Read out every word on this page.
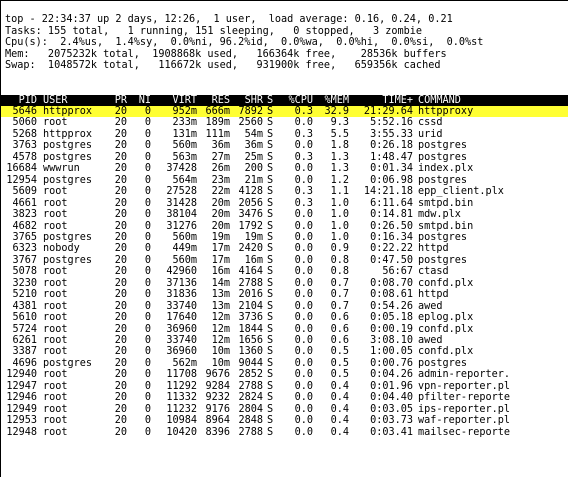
top - 22:34:37 up 2 days, 12:26,  1 user,  load average: 0.16, 0.24, 0.21
Tasks: 155 total,   1 running, 151 sleeping,   0 stopped,   3 zombie
Cpu(s):  2.4%us,  1.4%sy,  0.0%ni, 96.2%id,  0.0%wa,  0.0%hi,  0.0%si,  0.0%st
Mem:   2075232k total,  1908868k used,   166364k free,    28536k buffers
Swap:  1048572k total,   116672k used,   931900k free,   659356k cached
PID USER	PR	NI	VIRT	RES	SHR S	%CPU	%MEM	TIME+ COMMAND
5646 httpprox	20	0	952m 666m 7892 S	0.3	32.9	21:29.64 httpproxy
5060 root	20	0	233m 189m 2560 S	0.0	9.3	5:52.16 cssd
5268 httpprox	20	0	131m 111m	54m S	0.3	5.5	3:55.33 urid
3763 postgres	20	0	560m	36m	36m S	0.0	1.8	0:26.18 postgres
4578 postgres	20	0	563m	27m	25m S	0.3	1.3	1:48.47 postgres
16684 wwwrun	20	0	37428	26m	200 S	0.0	1.3	0:01.34 index.plx
12954 postgres	20	0	564m	23m	21m S	0.0	1.2	0:06.98 postgres
5609 root	20	0	27528	22m 4128 S	0.3	1.1	14:21.18 epp_client.plx
4661 root	20	0	31428	20m 2056 S	0.3	1.0	6:11.64 smtpd.bin
3823 root	20	0	38104	20m 3476 S	0.0	1.0	0:14.81 mdw.plx
4682 root	20	0	31276	20m 1792 S	0.0	1.0	0:26.50 smtpd.bin
3765 postgres	20	0	560m	19m	19m S	0.0	1.0	0:16.34 postgres
6323 nobody	20	0	449m	17m 2420 S	0.0	0.9	0:22.22 httpd
3767 postgres	20	0	560m	17m	16m S	0.0	0.8	0:47.50 postgres
5078 root	20	0	42960	16m 4164 S	0.0	0.8	56:67 ctasd
3230 root	20	0	37136	14m 2788 S	0.0	0.7	0:08.70 confd.plx
5210 root	20	0	31836	13m 2016 S	0.0	0.7	0:08.61 httpd
4381 root	20	0	33740	13m 2104 S	0.0	0.7	0:54.26 awed
5610 root	20	0	17640	12m 3736 S	0.0	0.6	0:05.18 eplog.plx
5724 root	20	0	36960	12m 1844 S	0.0	0.6	0:00.19 confd.plx
6261 root	20	0	33740	12m 1656 S	0.0	0.6	3:08.10 awed
3387 root	20	0	36960	10m 1360 S	0.0	0.5	1:00.05 confd.plx
4696 postgres	20	0	562m	10m 9044 S	0.0	0.5	0:00.76 postgres
12940 root	20	0	11708 9676 2852 S	0.0	0.5	0:04.26 admin-reporter.
12947 root	20	0	11292 9284 2788 S	0.0	0.4	0:01.96 vpn-reporter.pl
12946 root	20	0	11332 9232 2824 S	0.0	0.4	0:04.40 pfilter-reporte
12949 root	20	0	11232 9176 2804 S	0.0	0.4	0:03.05 ips-reporter.pl
12953 root	20	0	10984 8964 2848 S	0.0	0.4	0:03.73 waf-reporter.pl
12948 root	20	0	10420 8396 2788 S	0.0	0.4	0:03.41 mailsec-reporte
